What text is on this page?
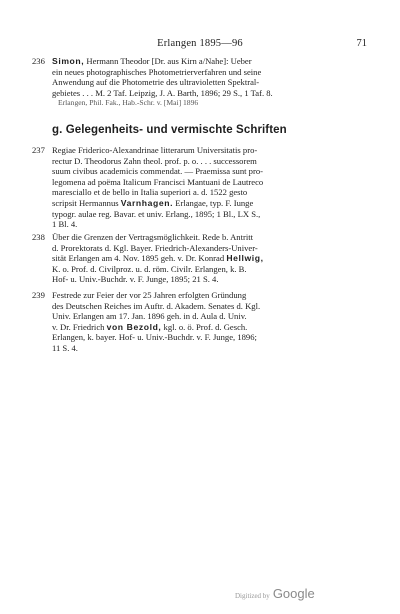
Erlangen 1895—96	71
236 Simon, Hermann Theodor [Dr. aus Kirn a/Nahe]: Ueber
ein neues photographisches Photometrierverfahren und seine
Anwendung auf die Photometrie des ultravioletten Spektral-
gebietes . . . M. 2 Taf. Leipzig, J. A. Barth, 1896; 29 S., 1 Taf. 8.
Erlangen, Phil. Fak., Hab.-Schr. v. [Mai] 1896
g. Gelegenheits- und vermischte Schriften
237 Regiae Friderico-Alexandrinae litterarum Universitatis pro-
rectur D. Theodorus Zahn theol. prof. p. o. . . . successorem
suum civibus academicis commendat. — Praemissa sunt pro-
legomena ad poëma Italicum Francisci Mantuani de Lautreco
maresciallo et de bello in Italia superiori a. d. 1522 gesto
scripsit Hermannus Varnhagen. Erlangae, typ. F. Iunge
typogr. aulae reg. Bavar. et univ. Erlang., 1895; 1 Bl., LX S.,
1 Bl. 4.
238 Über die Grenzen der Vertragsmöglichkeit. Rede b. Antritt
d. Prorektorats d. Kgl. Bayer. Friedrich-Alexanders-Univer-
sität Erlangen am 4. Nov. 1895 geh. v. Dr. Konrad Hellwig,
K. o. Prof. d. Civilproz. u. d. röm. Civilr. Erlangen, k. B.
Hof- u. Univ.-Buchdr. v. F. Junge, 1895; 21 S. 4.
239 Festrede zur Feier der vor 25 Jahren erfolgten Gründung
des Deutschen Reiches im Auftr. d. Akadem. Senates d. Kgl.
Univ. Erlangen am 17. Jan. 1896 geh. in d. Aula d. Univ.
v. Dr. Friedrich von Bezold, kgl. o. ö. Prof. d. Gesch.
Erlangen, k. bayer. Hof- u. Univ.-Buchdr. v. F. Junge, 1896;
11 S. 4.
Digitized by Google
